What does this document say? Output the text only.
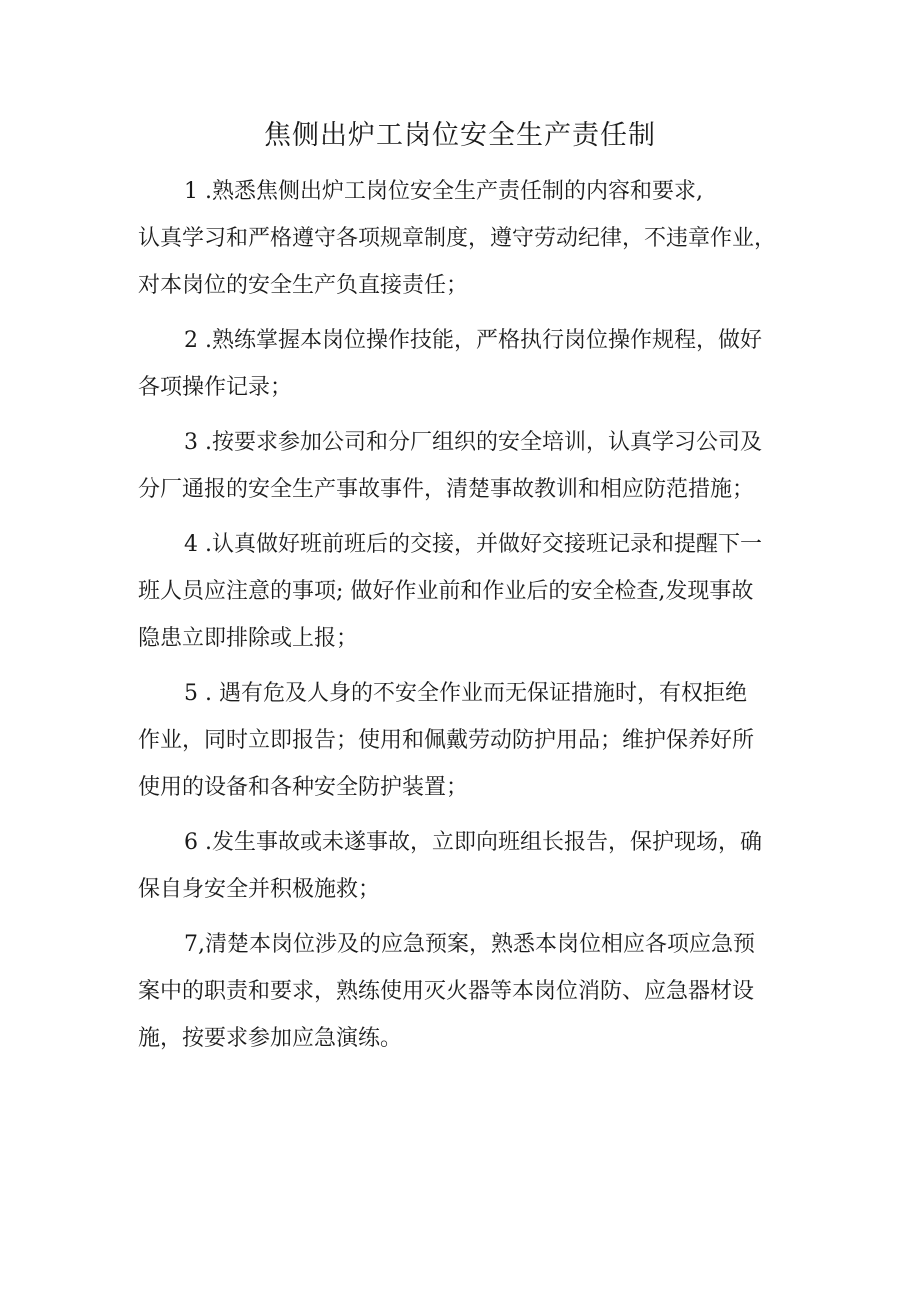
焦侧出炉工岗位安全生产责任制

1 .熟悉焦侧出炉工岗位安全生产责任制的内容和要求,
认真学习和严格遵守各项规章制度，遵守劳动纪律，不违章作业，
对本岗位的安全生产负直接责任；

2 .熟练掌握本岗位操作技能，严格执行岗位操作规程，做好
各项操作记录；

3 .按要求参加公司和分厂组织的安全培训，认真学习公司及
分厂通报的安全生产事故事件，清楚事故教训和相应防范措施；

4 .认真做好班前班后的交接，并做好交接班记录和提醒下一
班人员应注意的事项; 做好作业前和作业后的安全检查,发现事故
隐患立即排除或上报；

5 . 遇有危及人身的不安全作业而无保证措施时，有权拒绝
作业，同时立即报告；使用和佩戴劳动防护用品；维护保养好所
使用的设备和各种安全防护装置；

6 .发生事故或未遂事故，立即向班组长报告，保护现场，确
保自身安全并积极施救；

7,清楚本岗位涉及的应急预案，熟悉本岗位相应各项应急预
案中的职责和要求，熟练使用灭火器等本岗位消防、应急器材设
施，按要求参加应急演练。
